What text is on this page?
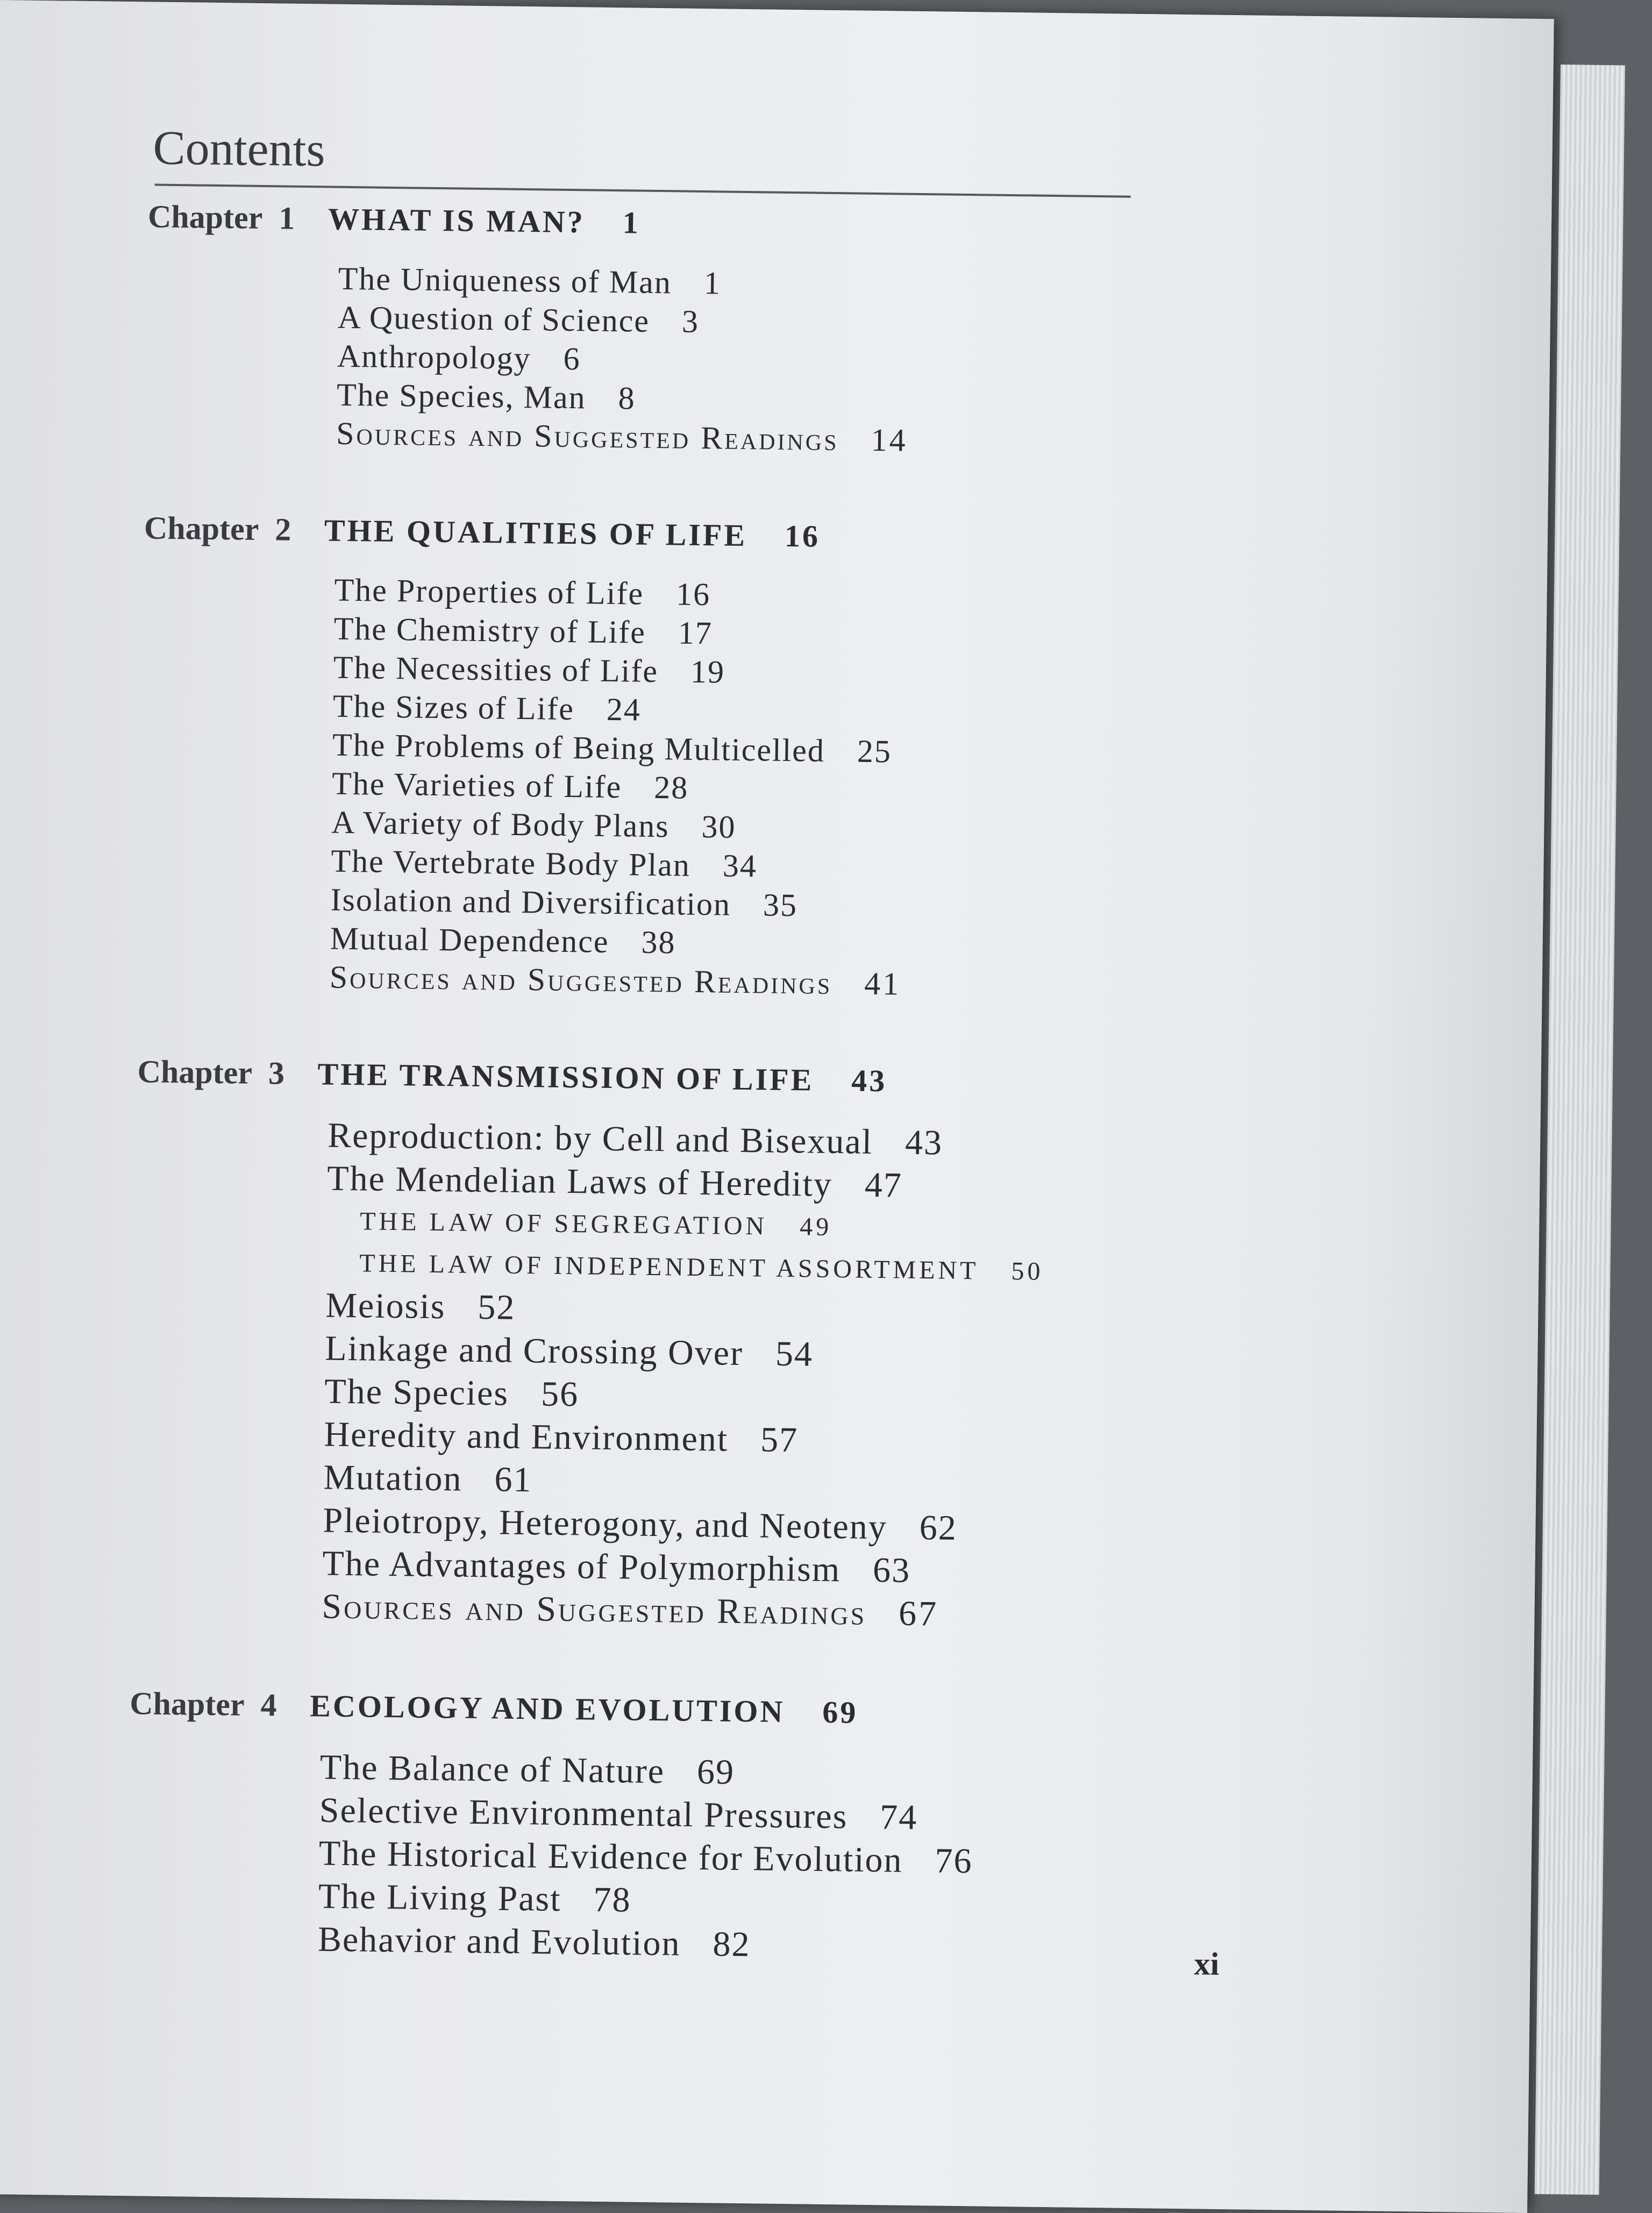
Contents
Chapter 1	WHAT IS MAN? 1
The Uniqueness of Man 1
A Question of Science 3
Anthropology 6
The Species, Man 8
Sources and Suggested Readings 14
Chapter 2	THE QUALITIES OF LIFE 16
The Properties of Life 16
The Chemistry of Life 17
The Necessities of Life 19
The Sizes of Life 24
The Problems of Being Multicelled 25
The Varieties of Life 28
A Variety of Body Plans 30
The Vertebrate Body Plan 34
Isolation and Diversification 35
Mutual Dependence 38
Sources and Suggested Readings 41
Chapter 3	THE TRANSMISSION OF LIFE 43
Reproduction: by Cell and Bisexual 43
The Mendelian Laws of Heredity 47
THE LAW OF SEGREGATION 49
THE LAW OF INDEPENDENT ASSORTMENT 50
Meiosis 52
Linkage and Crossing Over 54
The Species 56
Heredity and Environment 57
Mutation 61
Pleiotropy, Heterogony, and Neoteny 62
The Advantages of Polymorphism 63
Sources and Suggested Readings 67
Chapter 4	ECOLOGY AND EVOLUTION 69
The Balance of Nature 69
Selective Environmental Pressures 74
The Historical Evidence for Evolution 76
The Living Past 78
Behavior and Evolution 82	xi
